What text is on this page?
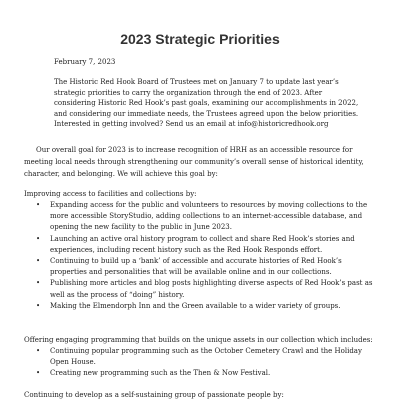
2023 Strategic Priorities
February 7, 2023

The Historic Red Hook Board of Trustees met on January 7 to update last year’s strategic priorities to carry the organization through the end of 2023. After considering Historic Red Hook’s past goals, examining our accomplishments in 2022, and considering our immediate needs, the Trustees agreed upon the below priorities. Interested in getting involved? Send us an email at info@historicredhook.org

Our overall goal for 2023 is to increase recognition of HRH as an accessible resource for meeting local needs through strengthening our community’s overall sense of historical identity, character, and belonging. We will achieve this goal by:

Improving access to facilities and collections by:

• Expanding access for the public and volunteers to resources by moving collections to the more accessible StoryStudio, adding collections to an internet-accessible database, and opening the new facility to the public in June 2023.
• Launching an active oral history program to collect and share Red Hook’s stories and experiences, including recent history such as the Red Hook Responds effort.
• Continuing to build up a ‘bank’ of accessible and accurate histories of Red Hook’s properties and personalities that will be available online and in our collections.
• Publishing more articles and blog posts highlighting diverse aspects of Red Hook’s past as well as the process of “doing” history.
• Making the Elmendorph Inn and the Green available to a wider variety of groups.

Offering engaging programming that builds on the unique assets in our collection which includes:

• Continuing popular programming such as the October Cemetery Crawl and the Holiday Open House.
• Creating new programming such as the Then & Now Festival.

Continuing to develop as a self-sustaining group of passionate people by:
